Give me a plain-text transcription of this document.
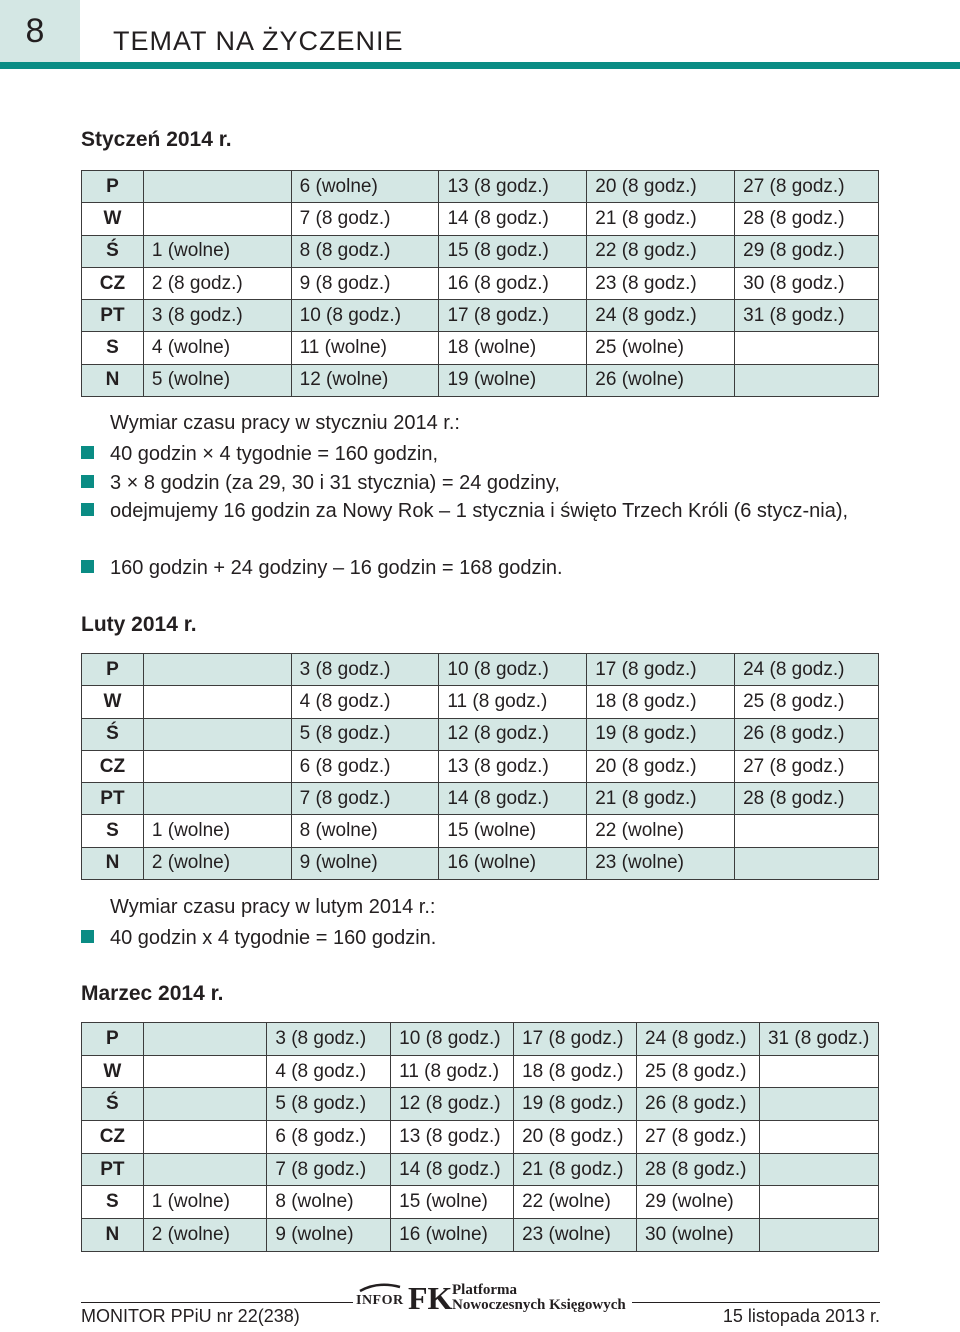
8	TEMAT NA ŻYCZENIE
Styczeń 2014 r.
P		6 (wolne)	13 (8 godz.)	20 (8 godz.)	27 (8 godz.)
W		7 (8 godz.)	14 (8 godz.)	21 (8 godz.)	28 (8 godz.)
Ś	1 (wolne)	8 (8 godz.)	15 (8 godz.)	22 (8 godz.)	29 (8 godz.)
CZ	2 (8 godz.)	9 (8 godz.)	16 (8 godz.)	23 (8 godz.)	30 (8 godz.)
PT	3 (8 godz.)	10 (8 godz.)	17 (8 godz.)	24 (8 godz.)	31 (8 godz.)
S	4 (wolne)	11 (wolne)	18 (wolne)	25 (wolne)	
N	5 (wolne)	12 (wolne)	19 (wolne)	26 (wolne)	
Wymiar czasu pracy w styczniu 2014 r.:
40 godzin × 4 tygodnie = 160 godzin,
3 × 8 godzin (za 29, 30 i 31 stycznia) = 24 godziny,
odejmujemy 16 godzin za Nowy Rok – 1 stycznia i święto Trzech Króli (6 stycz-nia),
160 godzin + 24 godziny – 16 godzin = 168 godzin.
Luty 2014 r.
P		3 (8 godz.)	10 (8 godz.)	17 (8 godz.)	24 (8 godz.)
W		4 (8 godz.)	11 (8 godz.)	18 (8 godz.)	25 (8 godz.)
Ś		5 (8 godz.)	12 (8 godz.)	19 (8 godz.)	26 (8 godz.)
CZ		6 (8 godz.)	13 (8 godz.)	20 (8 godz.)	27 (8 godz.)
PT		7 (8 godz.)	14 (8 godz.)	21 (8 godz.)	28 (8 godz.)
S	1 (wolne)	8 (wolne)	15 (wolne)	22 (wolne)	
N	2 (wolne)	9 (wolne)	16 (wolne)	23 (wolne)	
Wymiar czasu pracy w lutym 2014 r.:
40 godzin x 4 tygodnie = 160 godzin.
Marzec 2014 r.
P		3 (8 godz.)	10 (8 godz.)	17 (8 godz.)	24 (8 godz.)	31 (8 godz.)
W		4 (8 godz.)	11 (8 godz.)	18 (8 godz.)	25 (8 godz.)	
Ś		5 (8 godz.)	12 (8 godz.)	19 (8 godz.)	26 (8 godz.)	
CZ		6 (8 godz.)	13 (8 godz.)	20 (8 godz.)	27 (8 godz.)	
PT		7 (8 godz.)	14 (8 godz.)	21 (8 godz.)	28 (8 godz.)	
S	1 (wolne)	8 (wolne)	15 (wolne)	22 (wolne)	29 (wolne)	
N	2 (wolne)	9 (wolne)	16 (wolne)	23 (wolne)	30 (wolne)	
INFOR FK Platforma
Nowoczesnych Księgowych
MONITOR PPiU nr 22(238)	15 listopada 2013 r.
